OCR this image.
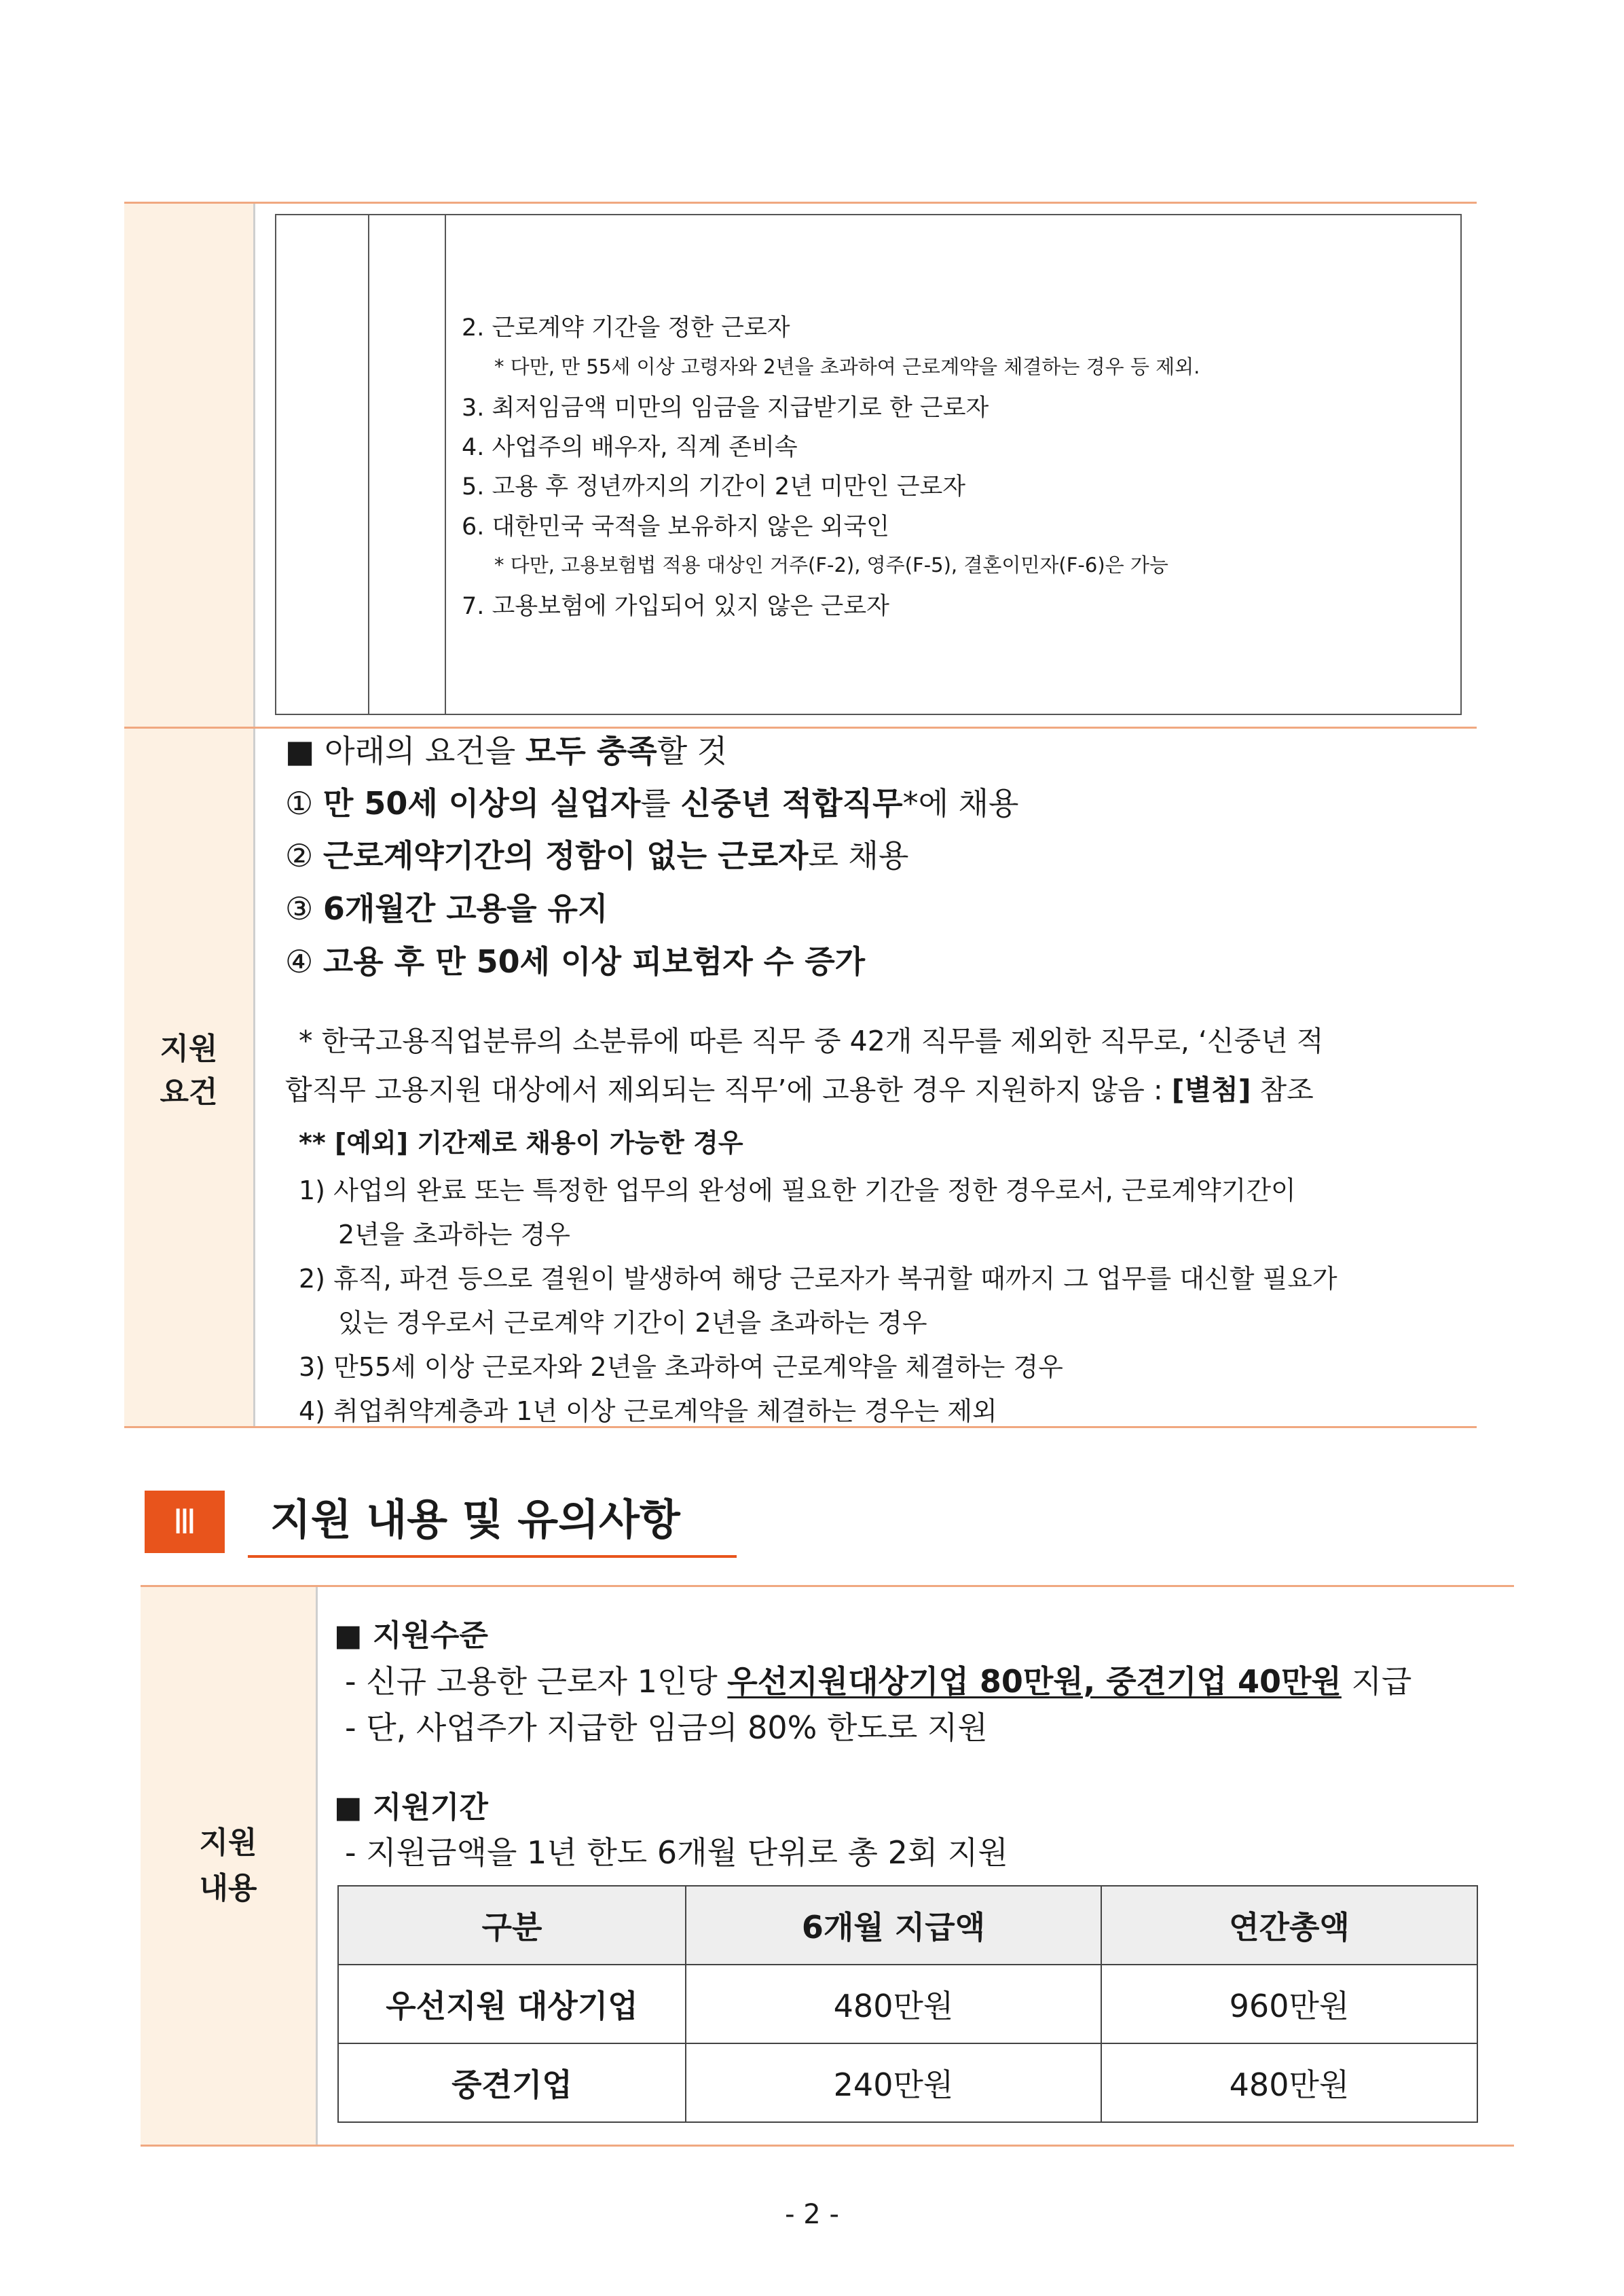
2. 근로계약 기간을 정한 근로자
* 다만, 만 55세 이상 고령자와 2년을 초과하여 근로계약을 체결하는 경우 등 제외.
3. 최저임금액 미만의 임금을 지급받기로 한 근로자
4. 사업주의 배우자, 직계 존비속
5. 고용 후 정년까지의 기간이 2년 미만인 근로자
6. 대한민국 국적을 보유하지 않은 외국인
* 다만, 고용보험법 적용 대상인 거주(F-2), 영주(F-5), 결혼이민자(F-6)은 가능
7. 고용보험에 가입되어 있지 않은 근로자
지원
요건
■ 아래의 요건을 모두 충족할 것
① 만 50세 이상의 실업자를 신중년 적합직무*에 채용
② 근로계약기간의 정함이 없는 근로자로 채용
③ 6개월간 고용을 유지
④ 고용 후 만 50세 이상 피보험자 수 증가
* 한국고용직업분류의 소분류에 따른 직무 중 42개 직무를 제외한 직무로, ‘신중년 적
합직무 고용지원 대상에서 제외되는 직무’에 고용한 경우 지원하지 않음 : [별첨] 참조
** [예외] 기간제로 채용이 가능한 경우
1) 사업의 완료 또는 특정한 업무의 완성에 필요한 기간을 정한 경우로서, 근로계약기간이
2년을 초과하는 경우
2) 휴직, 파견 등으로 결원이 발생하여 해당 근로자가 복귀할 때까지 그 업무를 대신할 필요가
있는 경우로서 근로계약 기간이 2년을 초과하는 경우
3) 만55세 이상 근로자와 2년을 초과하여 근로계약을 체결하는 경우
4) 취업취약계층과 1년 이상 근로계약을 체결하는 경우는 제외
Ⅲ	지원 내용 및 유의사항
지원
내용
■ 지원수준
- 신규 고용한 근로자 1인당 우선지원대상기업 80만원, 중견기업 40만원 지급
- 단, 사업주가 지급한 임금의 80% 한도로 지원
■ 지원기간
- 지원금액을 1년 한도 6개월 단위로 총 2회 지원
구분	6개월 지급액	연간총액
우선지원 대상기업	480만원	960만원
중견기업	240만원	480만원
- 2 -
